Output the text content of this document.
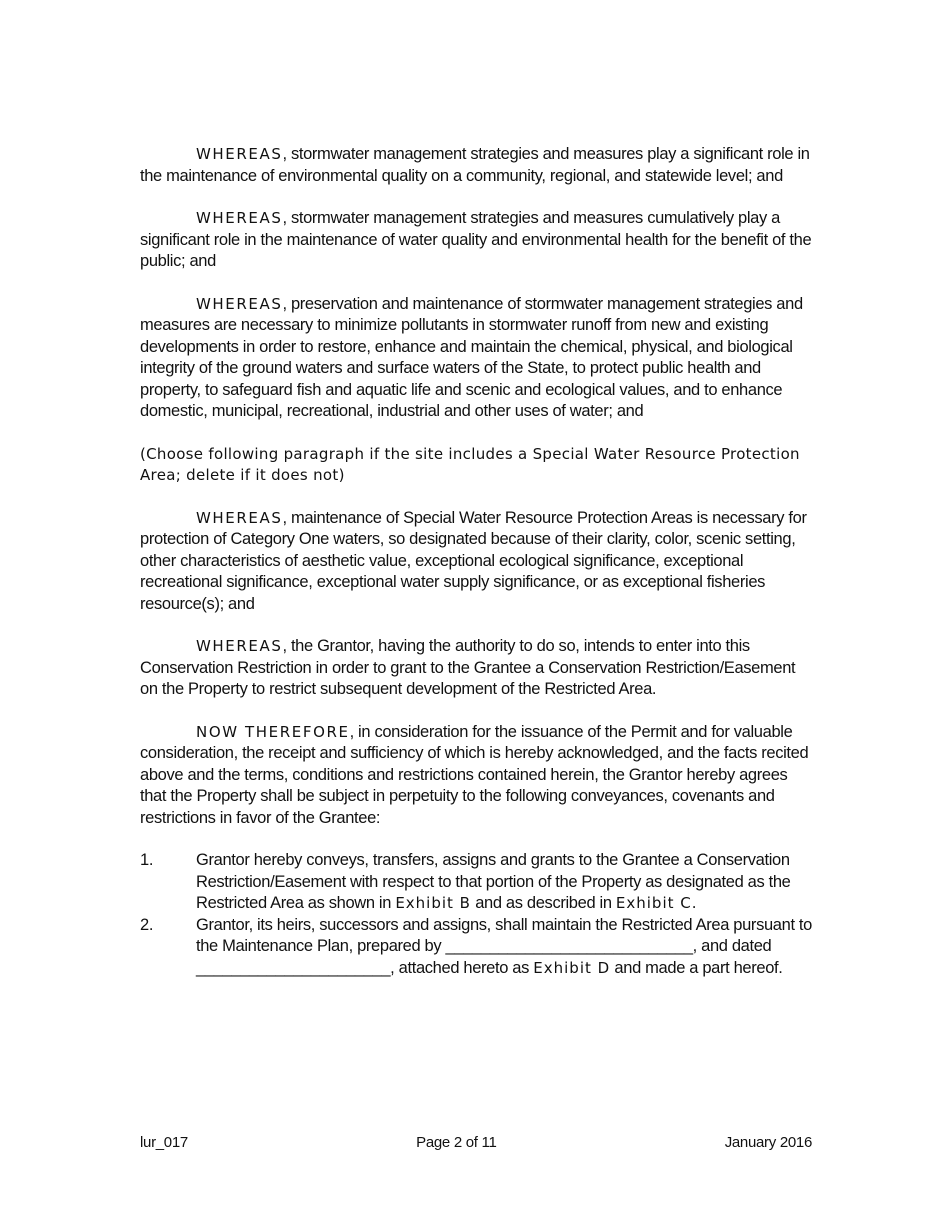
WHEREAS, stormwater management strategies and measures play a significant role in the maintenance of environmental quality on a community, regional, and statewide level; and

WHEREAS, stormwater management strategies and measures cumulatively play a significant role in the maintenance of water quality and environmental health for the benefit of the public; and

WHEREAS, preservation and maintenance of stormwater management strategies and measures are necessary to minimize pollutants in stormwater runoff from new and existing developments in order to restore, enhance and maintain the chemical, physical, and biological integrity of the ground waters and surface waters of the State, to protect public health and property, to safeguard fish and aquatic life and scenic and ecological values, and to enhance domestic, municipal, recreational, industrial and other uses of water; and

(Choose following paragraph if the site includes a Special Water Resource Protection Area; delete if it does not)

WHEREAS, maintenance of Special Water Resource Protection Areas is necessary for protection of Category One waters, so designated because of their clarity, color, scenic setting, other characteristics of aesthetic value, exceptional ecological significance, exceptional recreational significance, exceptional water supply significance, or as exceptional fisheries resource(s); and

WHEREAS, the Grantor, having the authority to do so, intends to enter into this Conservation Restriction in order to grant to the Grantee a Conservation Restriction/Easement on the Property to restrict subsequent development of the Restricted Area.

NOW THEREFORE, in consideration for the issuance of the Permit and for valuable consideration, the receipt and sufficiency of which is hereby acknowledged, and the facts recited above and the terms, conditions and restrictions contained herein, the Grantor hereby agrees that the Property shall be subject in perpetuity to the following conveyances, covenants and restrictions in favor of the Grantee:

1.	Grantor hereby conveys, transfers, assigns and grants to the Grantee a Conservation Restriction/Easement with respect to that portion of the Property as designated as the Restricted Area as shown in Exhibit B and as described in Exhibit C.
2.	Grantor, its heirs, successors and assigns, shall maintain the Restricted Area pursuant to the Maintenance Plan, prepared by ____________________________, and dated ______________________, attached hereto as Exhibit D and made a part hereof.
lur_017	Page 2 of 11	January 2016
